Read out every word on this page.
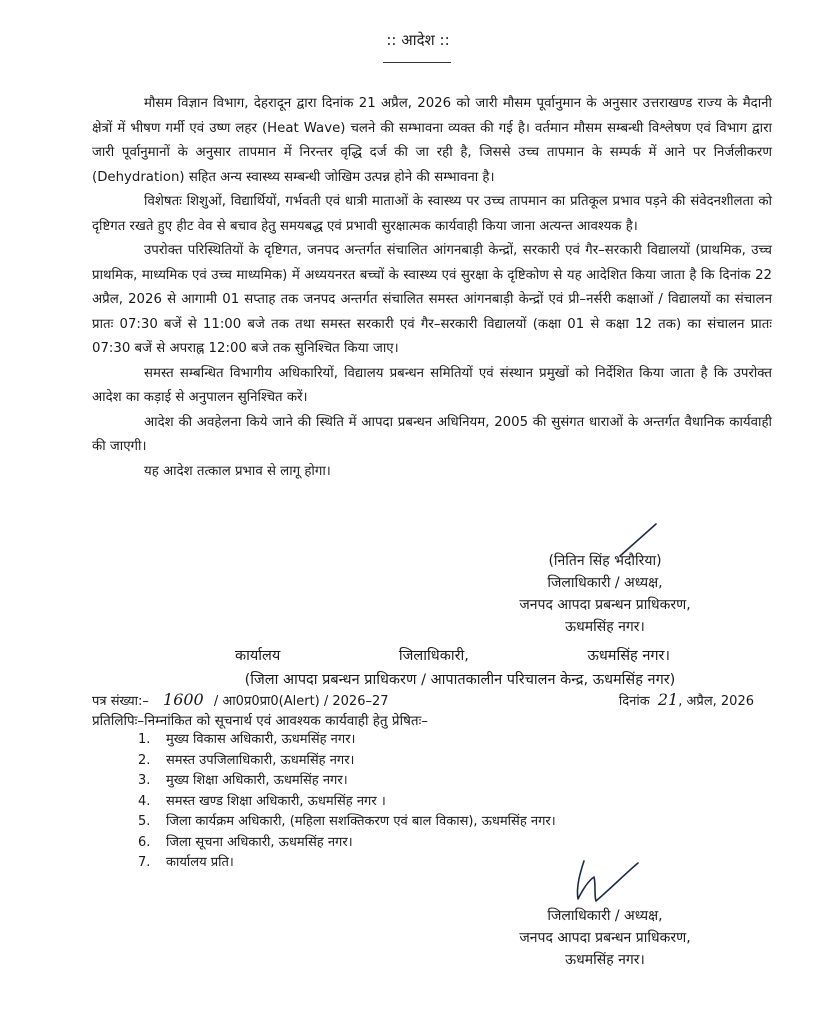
:: आदेश ::

मौसम विज्ञान विभाग, देहरादून द्वारा दिनांक 21 अप्रैल, 2026 को जारी मौसम पूर्वानुमान के अनुसार उत्तराखण्ड राज्य के मैदानी क्षेत्रों में भीषण गर्मी एवं उष्ण लहर (Heat Wave) चलने की सम्भावना व्यक्त की गई है। वर्तमान मौसम सम्बन्धी विश्लेषण एवं विभाग द्वारा जारी पूर्वानुमानों के अनुसार तापमान में निरन्तर वृद्धि दर्ज की जा रही है, जिससे उच्च तापमान के सम्पर्क में आने पर निर्जलीकरण (Dehydration) सहित अन्य स्वास्थ्य सम्बन्धी जोखिम उत्पन्न होने की सम्भावना है।

विशेषतः शिशुओं, विद्यार्थियों, गर्भवती एवं धात्री माताओं के स्वास्थ्य पर उच्च तापमान का प्रतिकूल प्रभाव पड़ने की संवेदनशीलता को दृष्टिगत रखते हुए हीट वेव से बचाव हेतु समयबद्ध एवं प्रभावी सुरक्षात्मक कार्यवाही किया जाना अत्यन्त आवश्यक है।

उपरोक्त परिस्थितियों के दृष्टिगत, जनपद अन्तर्गत संचालित आंगनबाड़ी केन्द्रों, सरकारी एवं गैर–सरकारी विद्यालयों (प्राथमिक, उच्च प्राथमिक, माध्यमिक एवं उच्च माध्यमिक) में अध्ययनरत बच्चों के स्वास्थ्य एवं सुरक्षा के दृष्टिकोण से यह आदेशित किया जाता है कि दिनांक 22 अप्रैल, 2026 से आगामी 01 सप्ताह तक जनपद अन्तर्गत संचालित समस्त आंगनबाड़ी केन्द्रों एवं प्री–नर्सरी कक्षाओं / विद्यालयों का संचालन प्रातः 07:30 बजें से 11:00 बजे तक तथा समस्त सरकारी एवं गैर–सरकारी विद्यालयों (कक्षा 01 से कक्षा 12 तक) का संचालन प्रातः 07:30 बजें से अपराह्न 12:00 बजे तक सुनिश्चित किया जाए।

समस्त सम्बन्धित विभागीय अधिकारियों, विद्यालय प्रबन्धन समितियों एवं संस्थान प्रमुखों को निर्देशित किया जाता है कि उपरोक्त आदेश का कड़ाई से अनुपालन सुनिश्चित करें।

आदेश की अवहेलना किये जाने की स्थिति में आपदा प्रबन्धन अधिनियम, 2005 की सुसंगत धाराओं के अन्तर्गत वैधानिक कार्यवाही की जाएगी।

यह आदेश तत्काल प्रभाव से लागू होगा।

(नितिन सिंह भदौरिया)
जिलाधिकारी / अध्यक्ष,
जनपद आपदा प्रबन्धन प्राधिकरण,
ऊधमसिंह नगर।
कार्यालय	जिलाधिकारी,	ऊधमसिंह नगर।
(जिला आपदा प्रबन्धन प्राधिकरण / आपातकालीन परिचालन केन्द्र, ऊधमसिंह नगर)
पत्र संख्या:– 1600 / आ0प्र0प्रा0(Alert) / 2026–27	दिनांक 21, अप्रैल, 2026
प्रतिलिपिः–निम्नांकित को सूचनार्थ एवं आवश्यक कार्यवाही हेतु प्रेषितः–
1.	मुख्य विकास अधिकारी, ऊधमसिंह नगर।
2.	समस्त उपजिलाधिकारी, ऊधमसिंह नगर।
3.	मुख्य शिक्षा अधिकारी, ऊधमसिंह नगर।
4.	समस्त खण्ड शिक्षा अधिकारी, ऊधमसिंह नगर ।
5.	जिला कार्यक्रम अधिकारी, (महिला सशक्तिकरण एवं बाल विकास), ऊधमसिंह नगर।
6.	जिला सूचना अधिकारी, ऊधमसिंह नगर।
7.	कार्यालय प्रति।
जिलाधिकारी / अध्यक्ष,
जनपद आपदा प्रबन्धन प्राधिकरण,
ऊधमसिंह नगर।
